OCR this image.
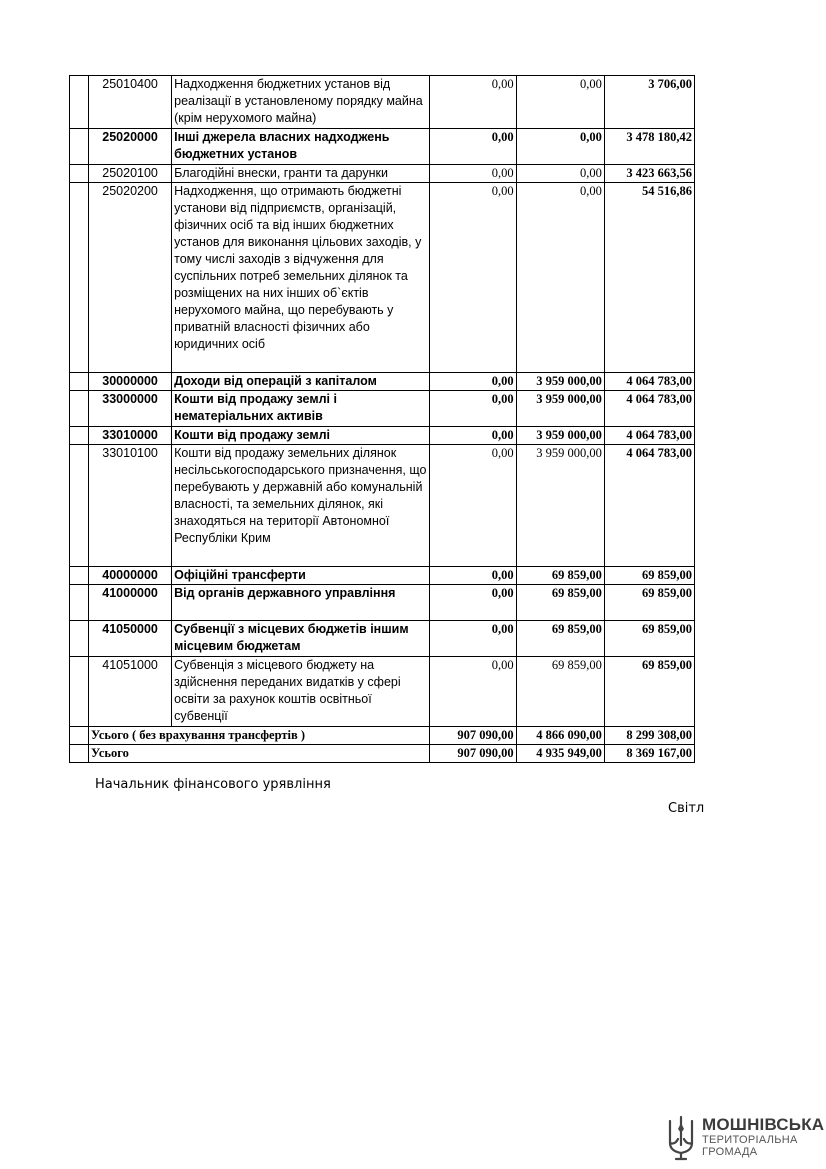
	25010400	Надходження бюджетних установ від реалізації в установленому порядку майна (крім нерухомого майна)	0,00	0,00	3 706,00
	25020000	Інші джерела власних надходжень бюджетних установ	0,00	0,00	3 478 180,42
	25020100	Благодійні внески, гранти та дарунки	0,00	0,00	3 423 663,56
	25020200	Надходження, що отримають бюджетні установи від підприємств, організацій, фізичних осіб та від інших бюджетних установ для виконання цільових заходів, у тому числі заходів з відчуження для суспільних потреб земельних ділянок та розміщених на них інших об`єктів нерухомого майна, що перебувають у приватній власності фізичних або юридичних осіб	0,00	0,00	54 516,86
	30000000	Доходи від операцій з капіталом	0,00	3 959 000,00	4 064 783,00
	33000000	Кошти від продажу землі і нематеріальних активів	0,00	3 959 000,00	4 064 783,00
	33010000	Кошти від продажу землі	0,00	3 959 000,00	4 064 783,00
	33010100	Кошти від продажу земельних ділянок несільськогосподарського призначення, що перебувають у державній або комунальній власності, та земельних ділянок, які знаходяться на території Автономної Республіки Крим	0,00	3 959 000,00	4 064 783,00
	40000000	Офіційні трансферти	0,00	69 859,00	69 859,00
	41000000	Від органів державного управління	0,00	69 859,00	69 859,00
	41050000	Субвенції з місцевих бюджетів іншим місцевим бюджетам	0,00	69 859,00	69 859,00
	41051000	Субвенція з місцевого бюджету на здійснення переданих видатків у сфері освіти за рахунок коштів освітньої субвенції	0,00	69 859,00	69 859,00
	Усього ( без врахування трансфертів )		907 090,00	4 866 090,00	8 299 308,00
	Усього		907 090,00	4 935 949,00	8 369 167,00
Начальник фінансового урявління
Світл
МОШНІВСЬКА
ТЕРИТОРІАЛЬНА
ГРОМАДА
